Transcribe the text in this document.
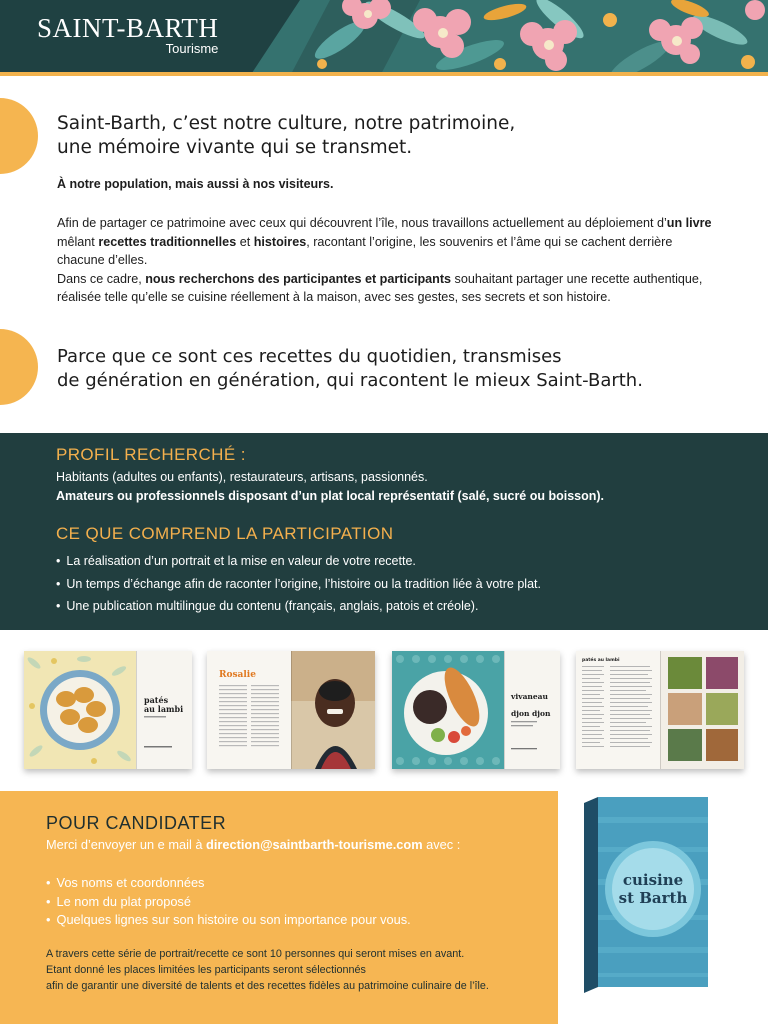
SAINT-BARTH
Tourisme
Saint-Barth, c’est notre culture, notre patrimoine,
une mémoire vivante qui se transmet.
À notre population, mais aussi à nos visiteurs.
Afin de partager ce patrimoine avec ceux qui découvrent l’île, nous travaillons actuellement au déploiement d’un livre mêlant recettes traditionnelles et histoires, racontant l’origine, les souvenirs et l’âme qui se cachent derrière chacune d’elles.
Dans ce cadre, nous recherchons des participantes et participants souhaitant partager une recette authentique, réalisée telle qu’elle se cuisine réellement à la maison, avec ses gestes, ses secrets et son histoire.
Parce que ce sont ces recettes du quotidien, transmises
de génération en génération, qui racontent le mieux Saint-Barth.
PROFIL RECHERCHÉ :
Habitants (adultes ou enfants), restaurateurs, artisans, passionnés.
Amateurs ou professionnels disposant d’un plat local représentatif (salé, sucré ou boisson).
CE QUE COMPREND LA PARTICIPATION
• La réalisation d’un portrait et la mise en valeur de votre recette.
• Un temps d’échange afin de raconter l’origine, l’histoire ou la tradition liée à votre plat.
• Une publication multilingue du contenu (français, anglais, patois et créole).
patés
au lambi
Rosalie
vivaneau
djon djon
patés au lambi
POUR CANDIDATER
Merci d’envoyer un e mail à direction@saintbarth-tourisme.com avec :
• Vos noms et coordonnées
• Le nom du plat proposé
• Quelques lignes sur son histoire ou son importance pour vous.
A travers cette série de portrait/recette ce sont 10 personnes qui seront mises en avant.
Etant donné les places limitées les participants seront sélectionnés
afin de garantir une diversité de talents et des recettes fidèles au patrimoine culinaire de l’île.
cuisine
st Barth
